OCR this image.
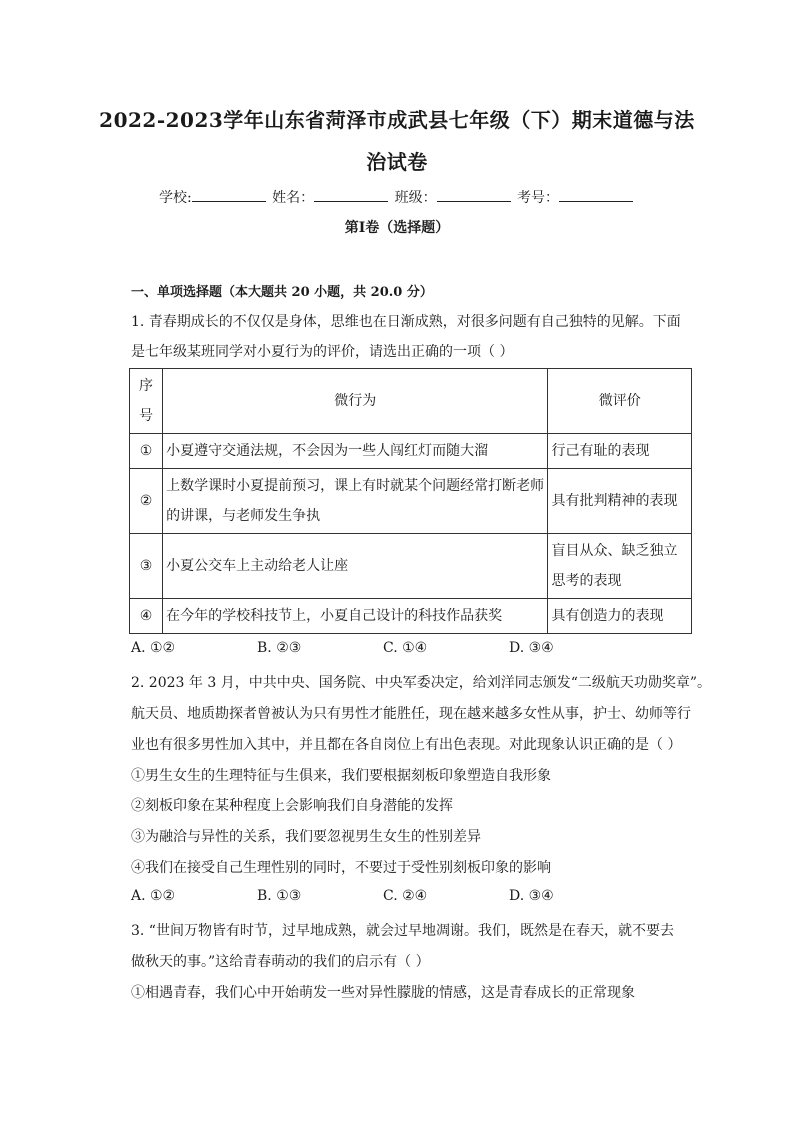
2022-2023学年山东省菏泽市成武县七年级（下）期末道德与法
治试卷
学校:	姓名：	班级：	考号：
第Ⅰ卷（选择题）
一、单项选择题（本大题共 20 小题，共 20.0 分）
1. 青春期成长的不仅仅是身体，思维也在日渐成熟，对很多问题有自己独特的见解。下面
是七年级某班同学对小夏行为的评价，请选出正确的一项（ ）
序号	微行为	微评价
①	小夏遵守交通法规，不会因为一些人闯红灯而随大溜	行己有耻的表现
②	上数学课时小夏提前预习，课上有时就某个问题经常打断老师的讲课，与老师发生争执	具有批判精神的表现
③	小夏公交车上主动给老人让座	盲目从众、缺乏独立思考的表现
④	在今年的学校科技节上，小夏自己设计的科技作品获奖	具有创造力的表现
A. ①②	B. ②③	C. ①④	D. ③④
2. 2023 年 3 月，中共中央、国务院、中央军委决定，给刘洋同志颁发“二级航天功勋奖章”。
航天员、地质勘探者曾被认为只有男性才能胜任，现在越来越多女性从事，护士、幼师等行
业也有很多男性加入其中，并且都在各自岗位上有出色表现。对此现象认识正确的是（ ）
①男生女生的生理特征与生俱来，我们要根据刻板印象塑造自我形象
②刻板印象在某种程度上会影响我们自身潜能的发挥
③为融洽与异性的关系，我们要忽视男生女生的性别差异
④我们在接受自己生理性别的同时，不要过于受性别刻板印象的影响
A. ①②	B. ①③	C. ②④	D. ③④
3. “世间万物皆有时节，过早地成熟，就会过早地凋谢。我们，既然是在春天，就不要去
做秋天的事。”这给青春萌动的我们的启示有（ ）
①相遇青春，我们心中开始萌发一些对异性朦胧的情感，这是青春成长的正常现象
